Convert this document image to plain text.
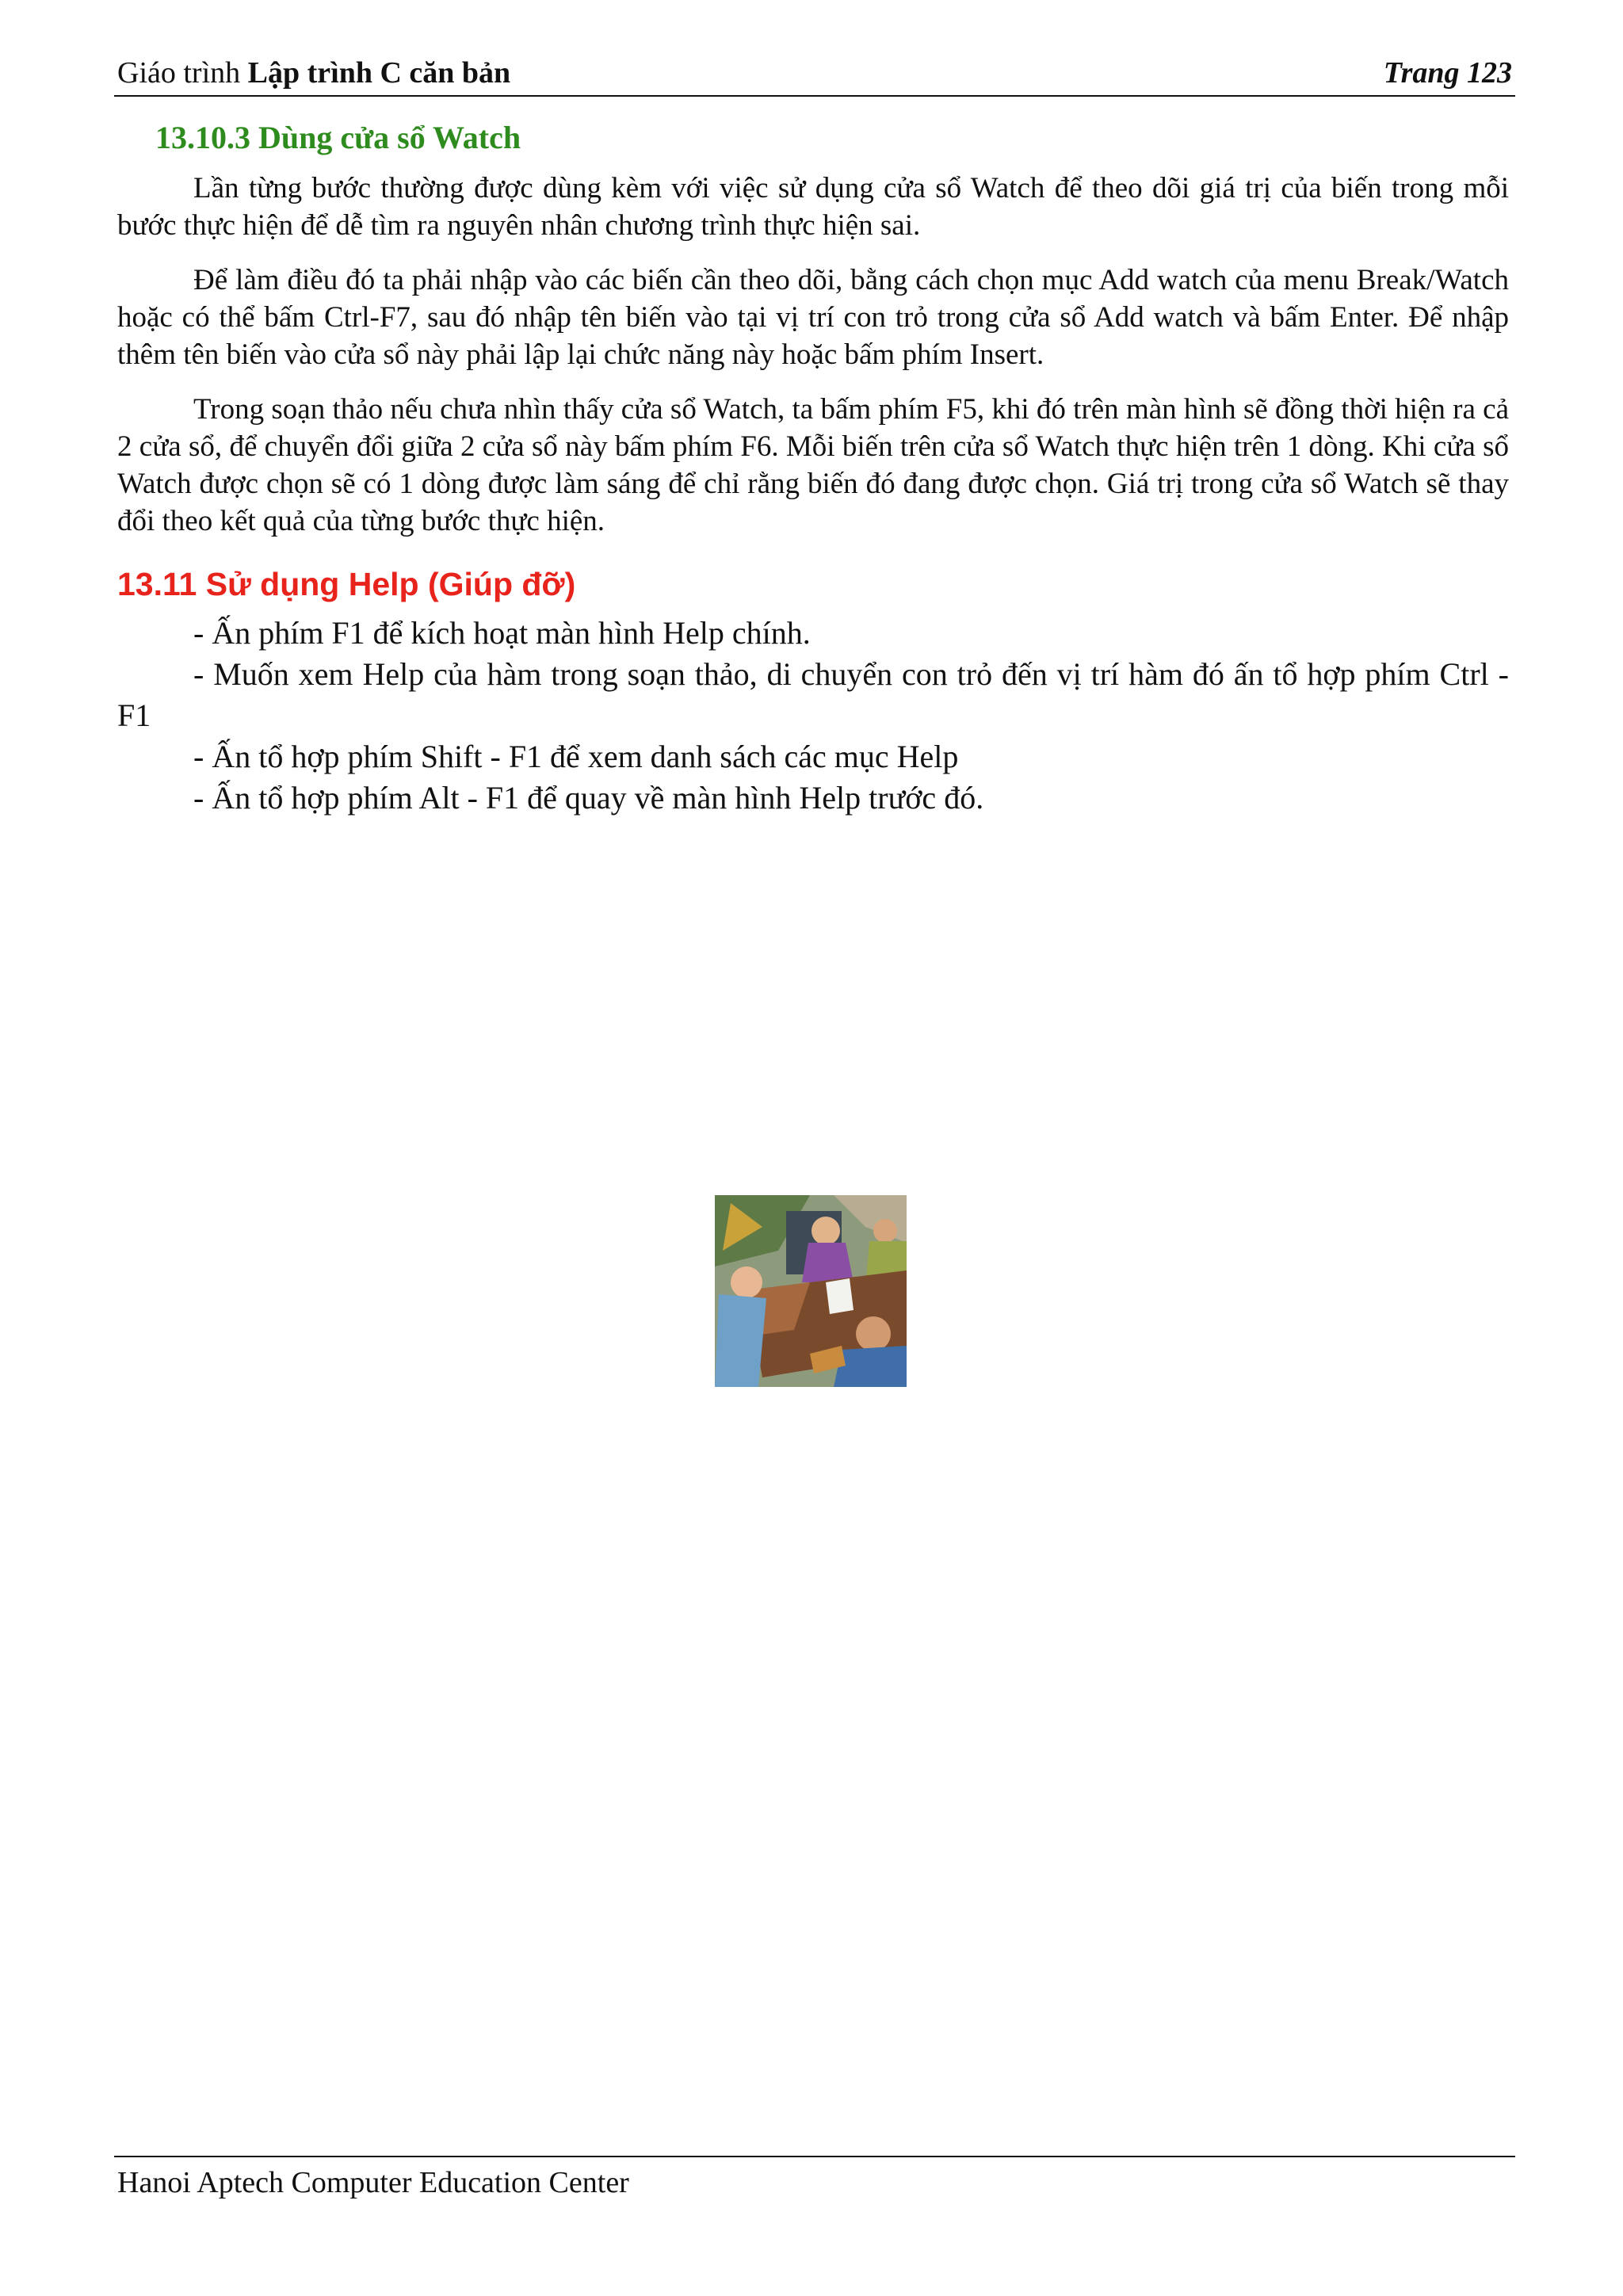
Giáo trình Lập trình C căn bản	Trang 123
13.10.3 Dùng cửa sổ Watch

Lần từng bước thường được dùng kèm với việc sử dụng cửa sổ Watch để theo dõi giá trị của biến trong mỗi bước thực hiện để dễ tìm ra nguyên nhân chương trình thực hiện sai.

Để làm điều đó ta phải nhập vào các biến cần theo dõi, bằng cách chọn mục Add watch của menu Break/Watch hoặc có thể bấm Ctrl-F7, sau đó nhập tên biến vào tại vị trí con trỏ trong cửa sổ Add watch và bấm Enter. Để nhập thêm tên biến vào cửa sổ này phải lập lại chức năng này hoặc bấm phím Insert.

Trong soạn thảo nếu chưa nhìn thấy cửa sổ Watch, ta bấm phím F5, khi đó trên màn hình sẽ đồng thời hiện ra cả 2 cửa sổ, để chuyển đổi giữa 2 cửa sổ này bấm phím F6. Mỗi biến trên cửa sổ Watch thực hiện trên 1 dòng. Khi cửa sổ Watch được chọn sẽ có 1 dòng được làm sáng để chỉ rằng biến đó đang được chọn. Giá trị trong cửa sổ Watch sẽ thay đổi theo kết quả của từng bước thực hiện.

13.11 Sử dụng Help (Giúp đỡ)
- Ấn phím F1 để kích hoạt màn hình Help chính.
- Muốn xem Help của hàm trong soạn thảo, di chuyển con trỏ đến vị trí hàm đó ấn tổ hợp phím Ctrl - F1
- Ấn tổ hợp phím Shift - F1 để xem danh sách các mục Help
- Ấn tổ hợp phím Alt - F1 để quay về màn hình Help trước đó.
Hanoi Aptech Computer Education Center
